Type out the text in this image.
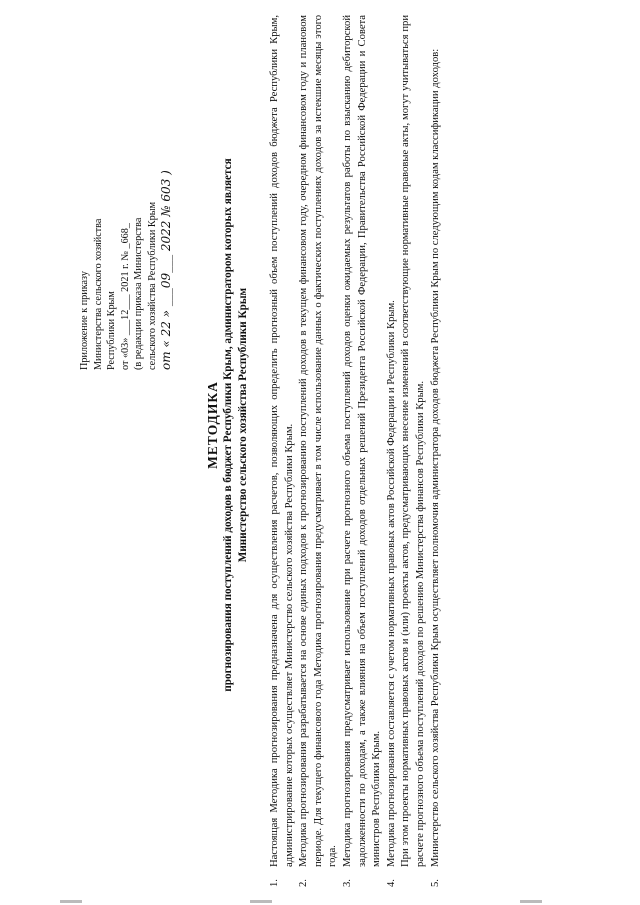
Приложение к приказу Министерства сельского хозяйства Республики Крым от «03» ___12___ 2021 г. № _668_ (в редакции приказа Министерства сельского хозяйства Республики Крым от « 22 » ___09___ 2022 № 603 )
МЕТОДИКА прогнозирования поступлений доходов в бюджет Республики Крым, администратором которых является Министерство сельского хозяйства Республики Крым
1.

Настоящая Методика прогнозирования предназначена для осуществления расчетов, позволяющих определить прогнозный объем поступлений доходов бюджета Республики Крым, администрирование которых осуществляет Министерство сельского хозяйства Республики Крым.

2.

Методика прогнозирования разрабатывается на основе единых подходов к прогнозированию поступлений доходов в текущем финансовом году, очередном финансовом году и плановом периоде. Для текущего финансового года Методика прогнозирования предусматривает в том числе использование данных о фактических поступлениях доходов за истекшие месяцы этого года.

3.

Методика прогнозирования предусматривает использование при расчете прогнозного объема поступлений доходов оценки ожидаемых результатов работы по взысканию дебиторской задолженности по доходам, а также влияния на объем поступлений доходов отдельных решений Президента Российской Федерации, Правительства Российской Федерации и Совета министров Республики Крым.

4.

Методика прогнозирования составляется с учетом нормативных правовых актов Российской Федерации и Республики Крым. При этом проекты нормативных правовых актов и (или) проекты актов, предусматривающих внесение изменений в соответствующие нормативные правовые акты, могут учитываться при расчете прогнозного объема поступлений доходов по решению Министерства финансов Республики Крым.

5.

Министерство сельского хозяйства Республики Крым осуществляет полномочия администратора доходов бюджета Республики Крым по следующим кодам классификации доходов:
